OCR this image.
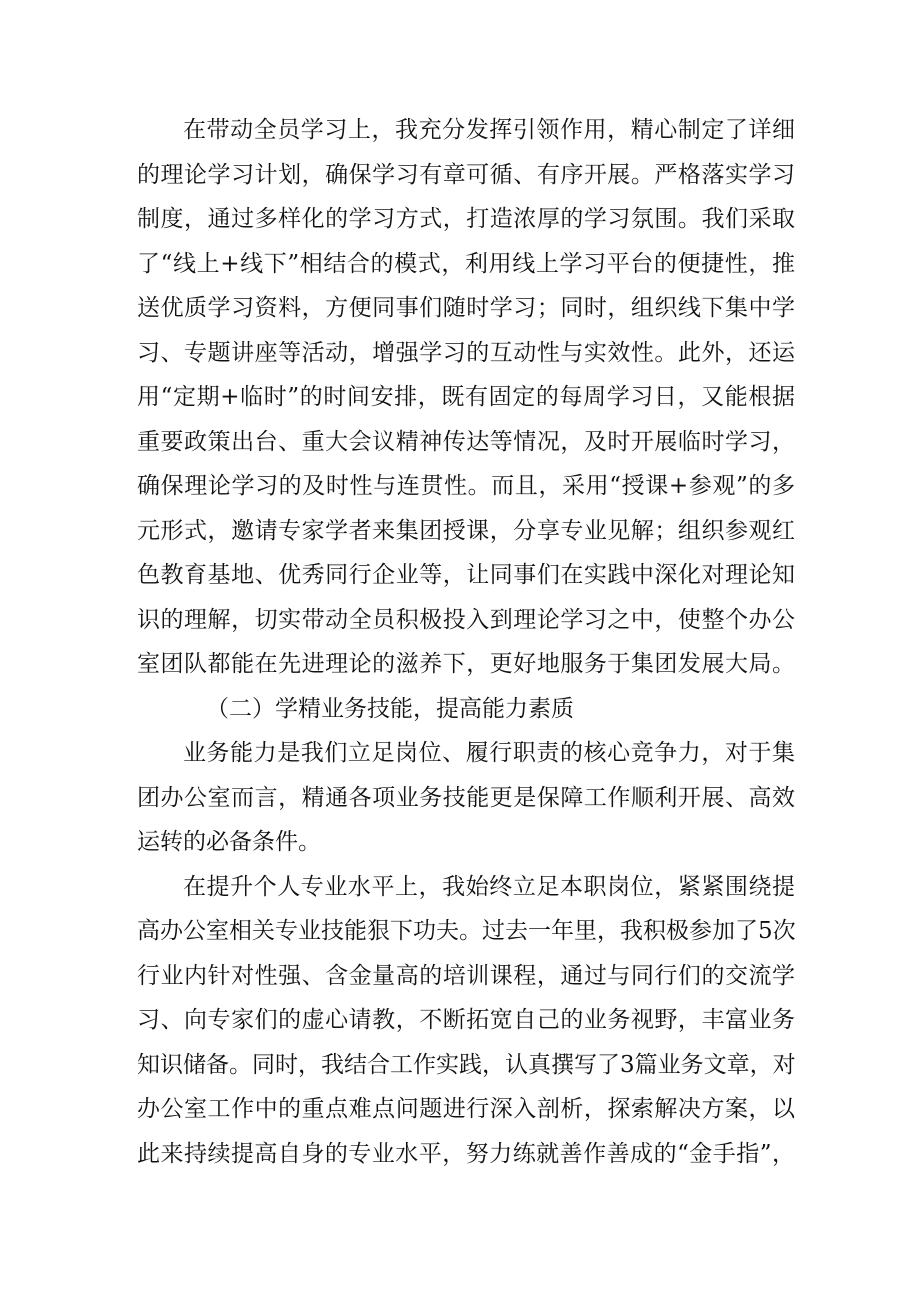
在带动全员学习上，我充分发挥引领作用，精心制定了详细
的理论学习计划，确保学习有章可循、有序开展。严格落实学习
制度，通过多样化的学习方式，打造浓厚的学习氛围。我们采取
了“线上+线下”相结合的模式，利用线上学习平台的便捷性，推
送优质学习资料，方便同事们随时学习；同时，组织线下集中学
习、专题讲座等活动，增强学习的互动性与实效性。此外，还运
用“定期+临时”的时间安排，既有固定的每周学习日，又能根据
重要政策出台、重大会议精神传达等情况，及时开展临时学习，
确保理论学习的及时性与连贯性。而且，采用“授课+参观”的多
元形式，邀请专家学者来集团授课，分享专业见解；组织参观红
色教育基地、优秀同行企业等，让同事们在实践中深化对理论知
识的理解，切实带动全员积极投入到理论学习之中，使整个办公
室团队都能在先进理论的滋养下，更好地服务于集团发展大局。
（二）学精业务技能，提高能力素质
业务能力是我们立足岗位、履行职责的核心竞争力，对于集
团办公室而言，精通各项业务技能更是保障工作顺利开展、高效
运转的必备条件。
在提升个人专业水平上，我始终立足本职岗位，紧紧围绕提
高办公室相关专业技能狠下功夫。过去一年里，我积极参加了5次
行业内针对性强、含金量高的培训课程，通过与同行们的交流学
习、向专家们的虚心请教，不断拓宽自己的业务视野，丰富业务
知识储备。同时，我结合工作实践，认真撰写了3篇业务文章，对
办公室工作中的重点难点问题进行深入剖析，探索解决方案，以
此来持续提高自身的专业水平，努力练就善作善成的“金手指”，
